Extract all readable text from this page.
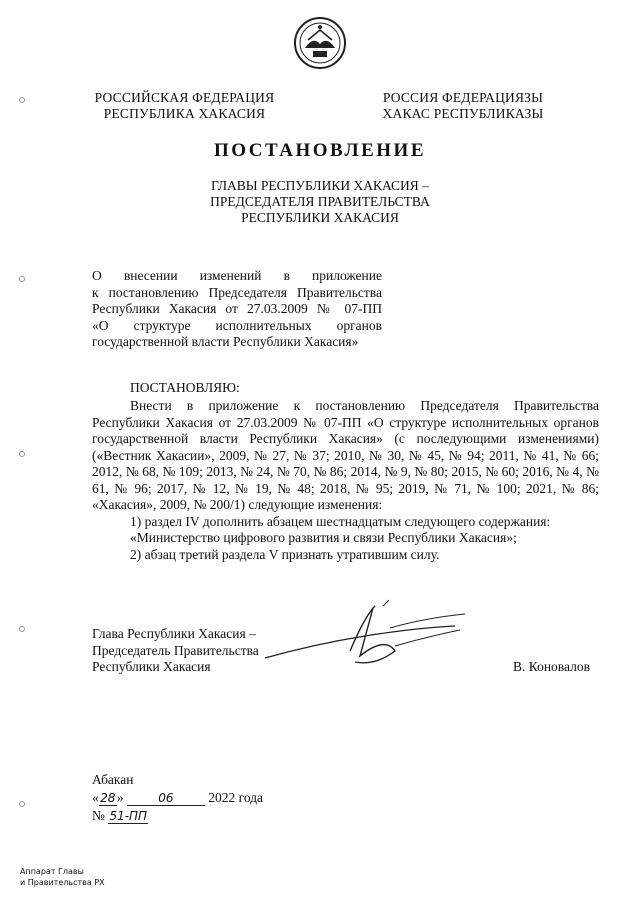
РОССИЙСКАЯ ФЕДЕРАЦИЯ
РЕСПУБЛИКА ХАКАСИЯ
РОССИЯ ФЕДЕРАЦИЯЗЫ
ХАКАС РЕСПУБЛИКАЗЫ
ПОСТАНОВЛЕНИЕ
ГЛАВЫ РЕСПУБЛИКИ ХАКАСИЯ –
ПРЕДСЕДАТЕЛЯ ПРАВИТЕЛЬСТВА
РЕСПУБЛИКИ ХАКАСИЯ
О внесении изменений в приложение
к постановлению Председателя Правительства
Республики Хакасия от 27.03.2009 № 07-ПП
«О структуре исполнительных органов
государственной власти Республики Хакасия»
ПОСТАНОВЛЯЮ:

Внести в приложение к постановлению Председателя Правительства Республики Хакасия от 27.03.2009 № 07-ПП «О структуре исполнительных органов государственной власти Республики Хакасия» (с последующими изменениями) («Вестник Хакасии», 2009, № 27, № 37; 2010, № 30, № 45, № 94; 2011, № 41, № 66; 2012, № 68, № 109; 2013, № 24, № 70, № 86; 2014, № 9, № 80; 2015, № 60; 2016, № 4, № 61, № 96; 2017, № 12, № 19, № 48; 2018, № 95; 2019, № 71, № 100; 2021, № 86; «Хакасия», 2009, № 200/1) следующие изменения:

1) раздел IV дополнить абзацем шестнадцатым следующего содержания:

«Министерство цифрового развития и связи Республики Хакасия»;

2) абзац третий раздела V признать утратившим силу.

Глава Республики Хакасия –
Председатель Правительства
Республики Хакасия	В. Коновалов
Абакан
«28»	06	2022 года
№ 51-ПП
Аппарат Главы
и Правительства РХ
